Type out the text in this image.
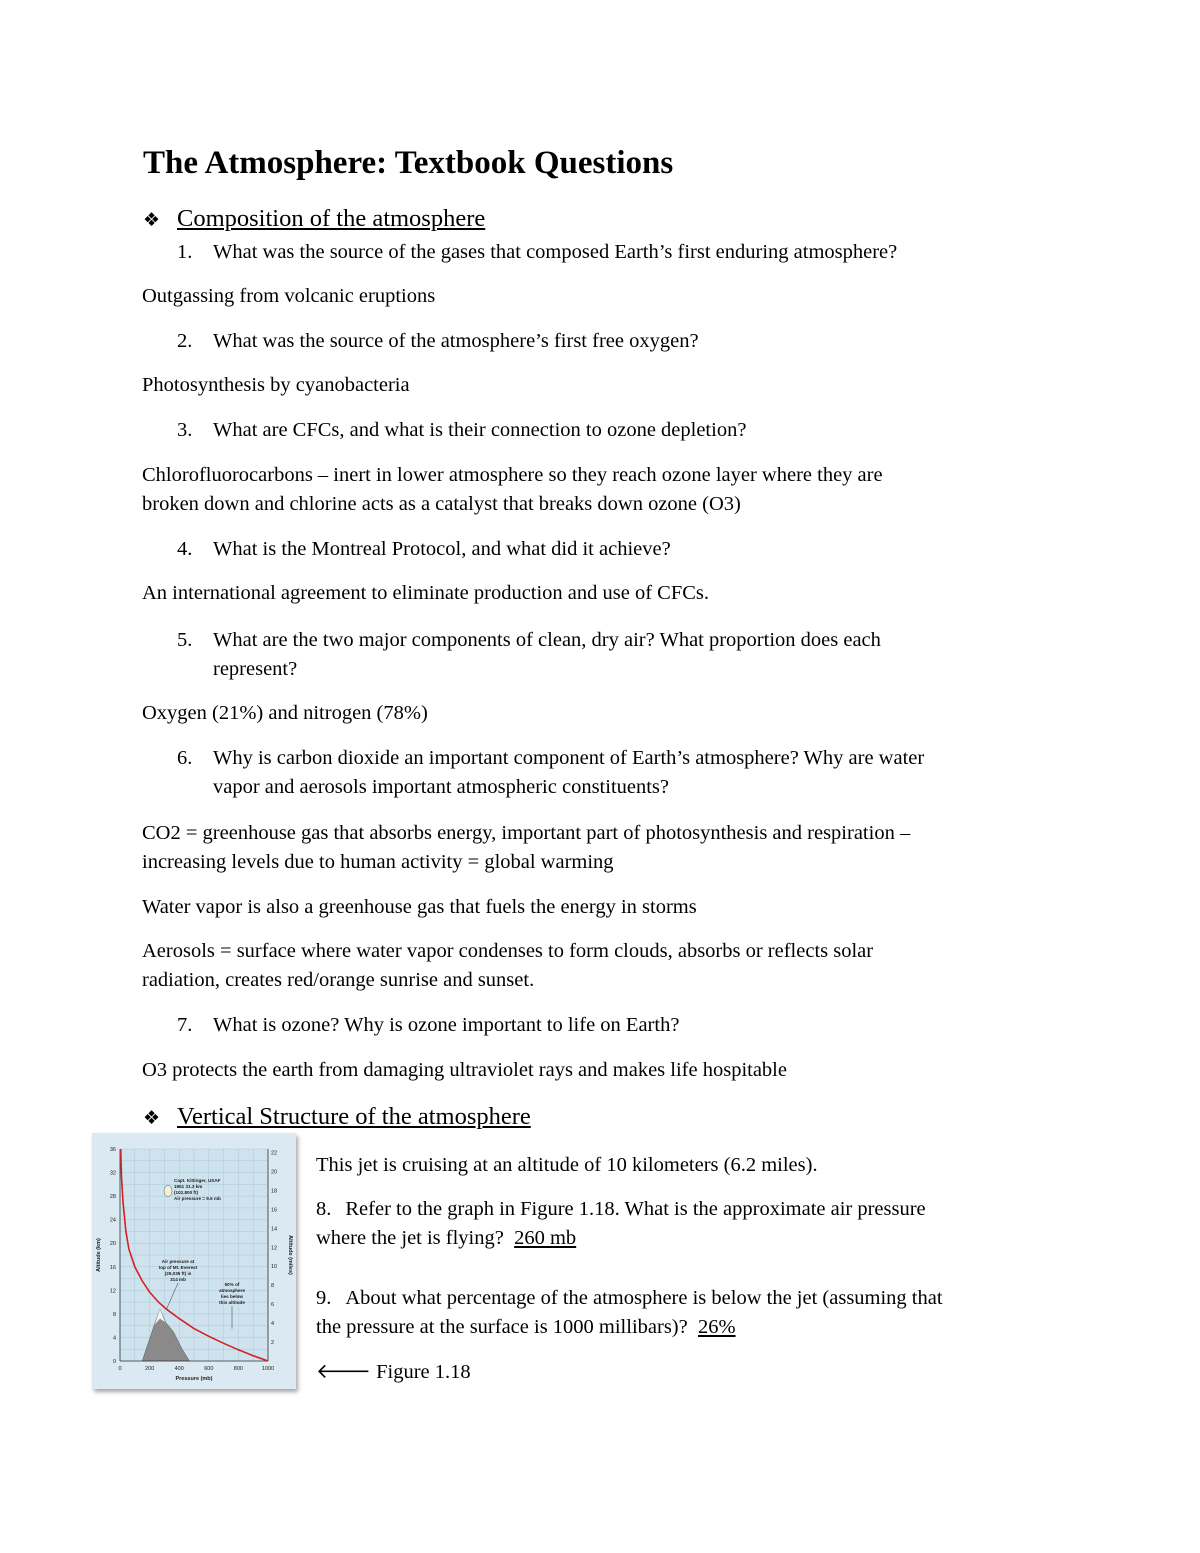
The Atmosphere: Textbook Questions
❖ Composition of the atmosphere
1. What was the source of the gases that composed Earth’s first enduring atmosphere?
Outgassing from volcanic eruptions
2. What was the source of the atmosphere’s first free oxygen?
Photosynthesis by cyanobacteria
3. What are CFCs, and what is their connection to ozone depletion?
Chlorofluorocarbons – inert in lower atmosphere so they reach ozone layer where they are
broken down and chlorine acts as a catalyst that breaks down ozone (O3)
4. What is the Montreal Protocol, and what did it achieve?
An international agreement to eliminate production and use of CFCs.
5. What are the two major components of clean, dry air? What proportion does each
represent?
Oxygen (21%) and nitrogen (78%)
6. Why is carbon dioxide an important component of Earth’s atmosphere? Why are water
vapor and aerosols important atmospheric constituents?
CO2 = greenhouse gas that absorbs energy, important part of photosynthesis and respiration –
increasing levels due to human activity = global warming
Water vapor is also a greenhouse gas that fuels the energy in storms
Aerosols = surface where water vapor condenses to form clouds, absorbs or reflects solar
radiation, creates red/orange sunrise and sunset.
7. What is ozone? Why is ozone important to life on Earth?
O3 protects the earth from damaging ultraviolet rays and makes life hospitable
❖ Vertical Structure of the atmosphere
0	200	400	600	800	1000
0
4
8
12
16
20
24
28
32
36
2
4
6
8
10
12
14
16
18
20
22
Pressure (mb)
Altitude (km)	Altitude (miles)
Capt. Kittinger, USAF
1961 31.3 km
(102,800 ft)
Air pressure = 9.6 mb
Air pressure at
top of Mt. Everest
(29,035 ft) is
314 mb
50% of
atmosphere
lies below
this altitude
This jet is cruising at an altitude of 10 kilometers (6.2 miles).
8. Refer to the graph in Figure 1.18. What is the approximate air pressure
where the jet is flying? 260 mb
9. About what percentage of the atmosphere is below the jet (assuming that
the pressure at the surface is 1000 millibars)? 26%
🡐 Figure 1.18
